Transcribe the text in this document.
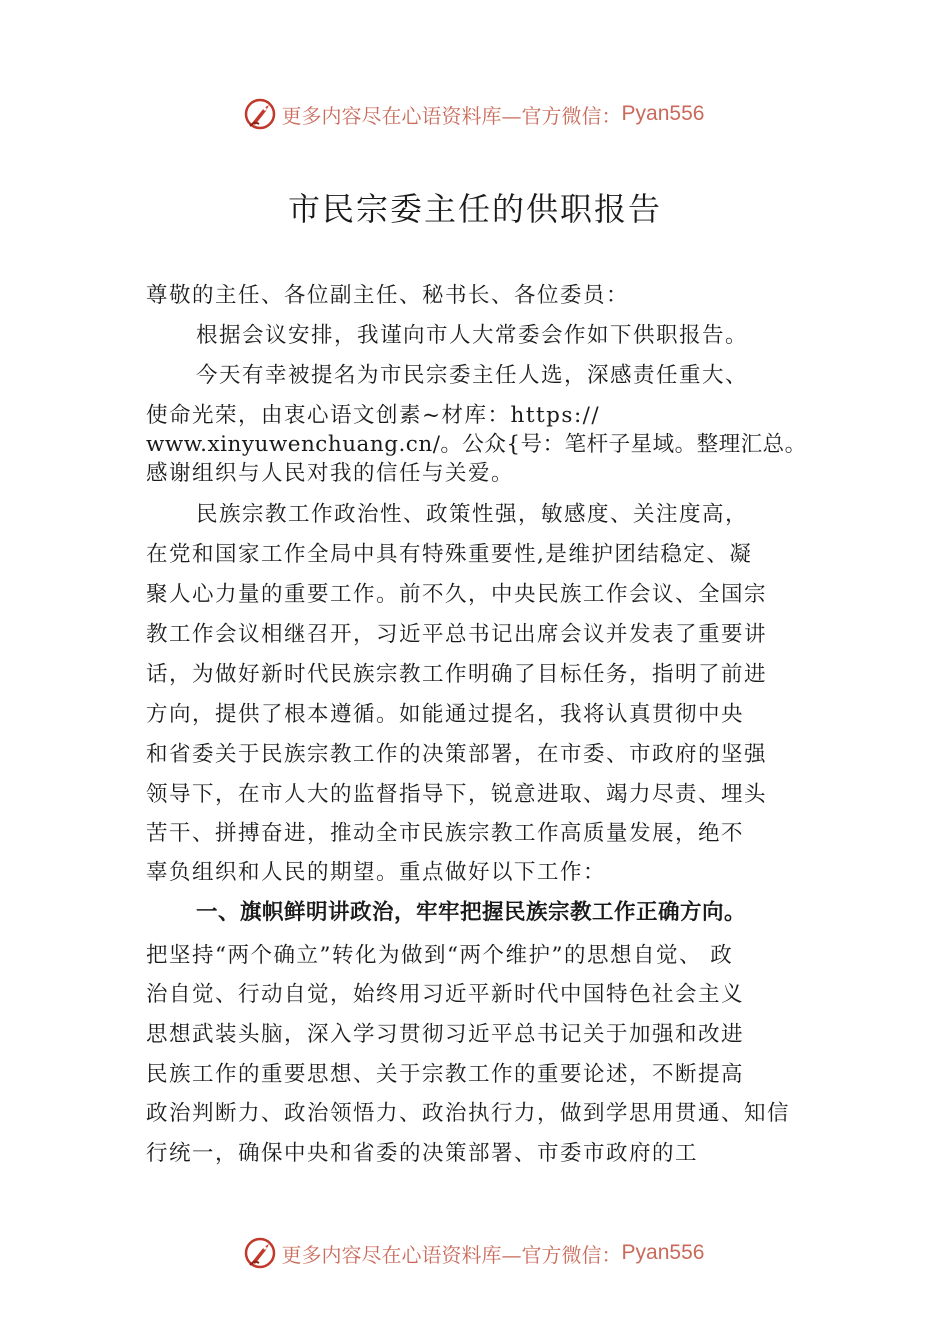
更多内容尽在心语资料库—官方微信： Pyan556
市民宗委主任的供职报告
尊敬的主任、各位副主任、秘书长、各位委员：
根据会议安排，我谨向市人大常委会作如下供职报告。
今天有幸被提名为市民宗委主任人选，深感责任重大、
使命光荣，由衷心语文创素~材库：https://
www.xinyuwenchuang.cn/。公众{号：笔杆子星域。整理汇总。
感谢组织与人民对我的信任与关爱。
民族宗教工作政治性、政策性强，敏感度、关注度高，
在党和国家工作全局中具有特殊重要性,是维护团结稳定、凝
聚人心力量的重要工作。前不久，中央民族工作会议、全国宗
教工作会议相继召开，习近平总书记出席会议并发表了重要讲
话，为做好新时代民族宗教工作明确了目标任务，指明了前进
方向，提供了根本遵循。如能通过提名，我将认真贯彻中央
和省委关于民族宗教工作的决策部署，在市委、市政府的坚强
领导下，在市人大的监督指导下，锐意进取、竭力尽责、埋头
苦干、拼搏奋进，推动全市民族宗教工作高质量发展，绝不
辜负组织和人民的期望。重点做好以下工作：
一、旗帜鲜明讲政治，牢牢把握民族宗教工作正确方向。
把坚持“两个确立”转化为做到“两个维护”的思想自觉、 政
治自觉、行动自觉，始终用习近平新时代中国特色社会主义
思想武装头脑，深入学习贯彻习近平总书记关于加强和改进
民族工作的重要思想、关于宗教工作的重要论述，不断提高
政治判断力、政治领悟力、政治执行力，做到学思用贯通、知信
行统一，确保中央和省委的决策部署、市委市政府的工
更多内容尽在心语资料库—官方微信： Pyan556
